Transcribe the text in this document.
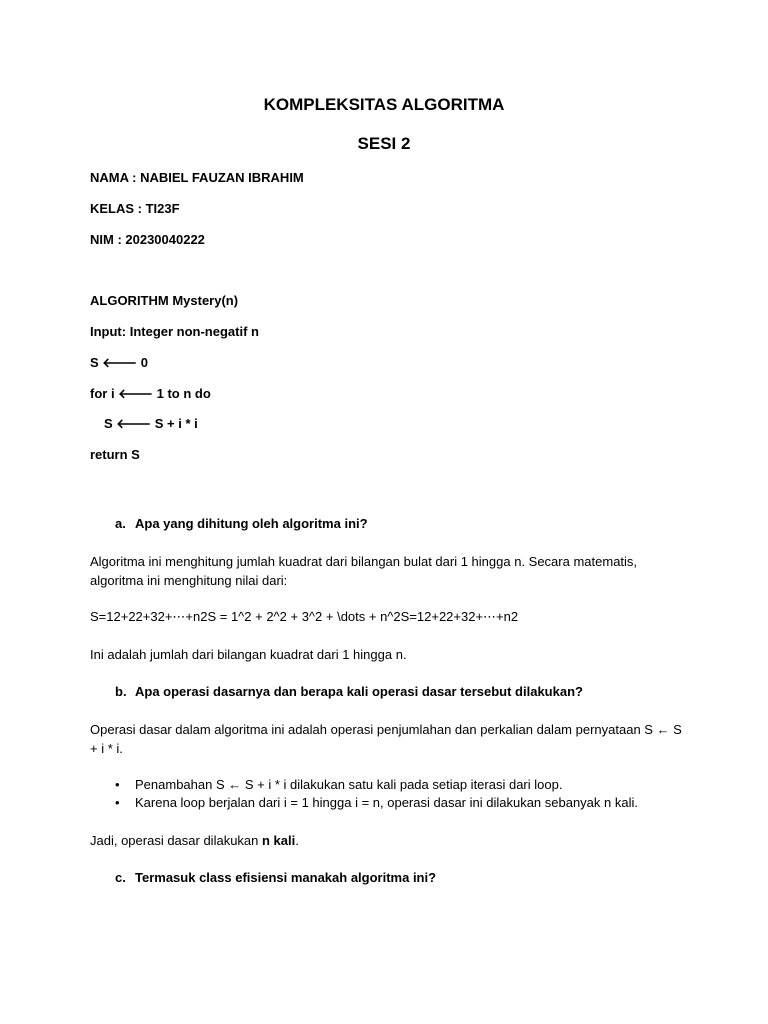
KOMPLEKSITAS ALGORITMA
SESI 2
NAMA : NABIEL FAUZAN IBRAHIM
KELAS : TI23F
NIM : 20230040222
ALGORITHM Mystery(n)
Input: Integer non-negatif n
S 🡐 0
for i 🡐 1 to n do
S 🡐 S + i * i
return S
a. Apa yang dihitung oleh algoritma ini?
Algoritma ini menghitung jumlah kuadrat dari bilangan bulat dari 1 hingga n. Secara matematis, algoritma ini menghitung nilai dari:
S=12+22+32+⋯+n2S = 1^2 + 2^2 + 3^2 + \dots + n^2S=12+22+32+⋯+n2
Ini adalah jumlah dari bilangan kuadrat dari 1 hingga n.
b. Apa operasi dasarnya dan berapa kali operasi dasar tersebut dilakukan?
Operasi dasar dalam algoritma ini adalah operasi penjumlahan dan perkalian dalam pernyataan S ← S + i * i.
• Penambahan S ← S + i * i dilakukan satu kali pada setiap iterasi dari loop.
• Karena loop berjalan dari i = 1 hingga i = n, operasi dasar ini dilakukan sebanyak n kali.
Jadi, operasi dasar dilakukan n kali.
c. Termasuk class efisiensi manakah algoritma ini?
